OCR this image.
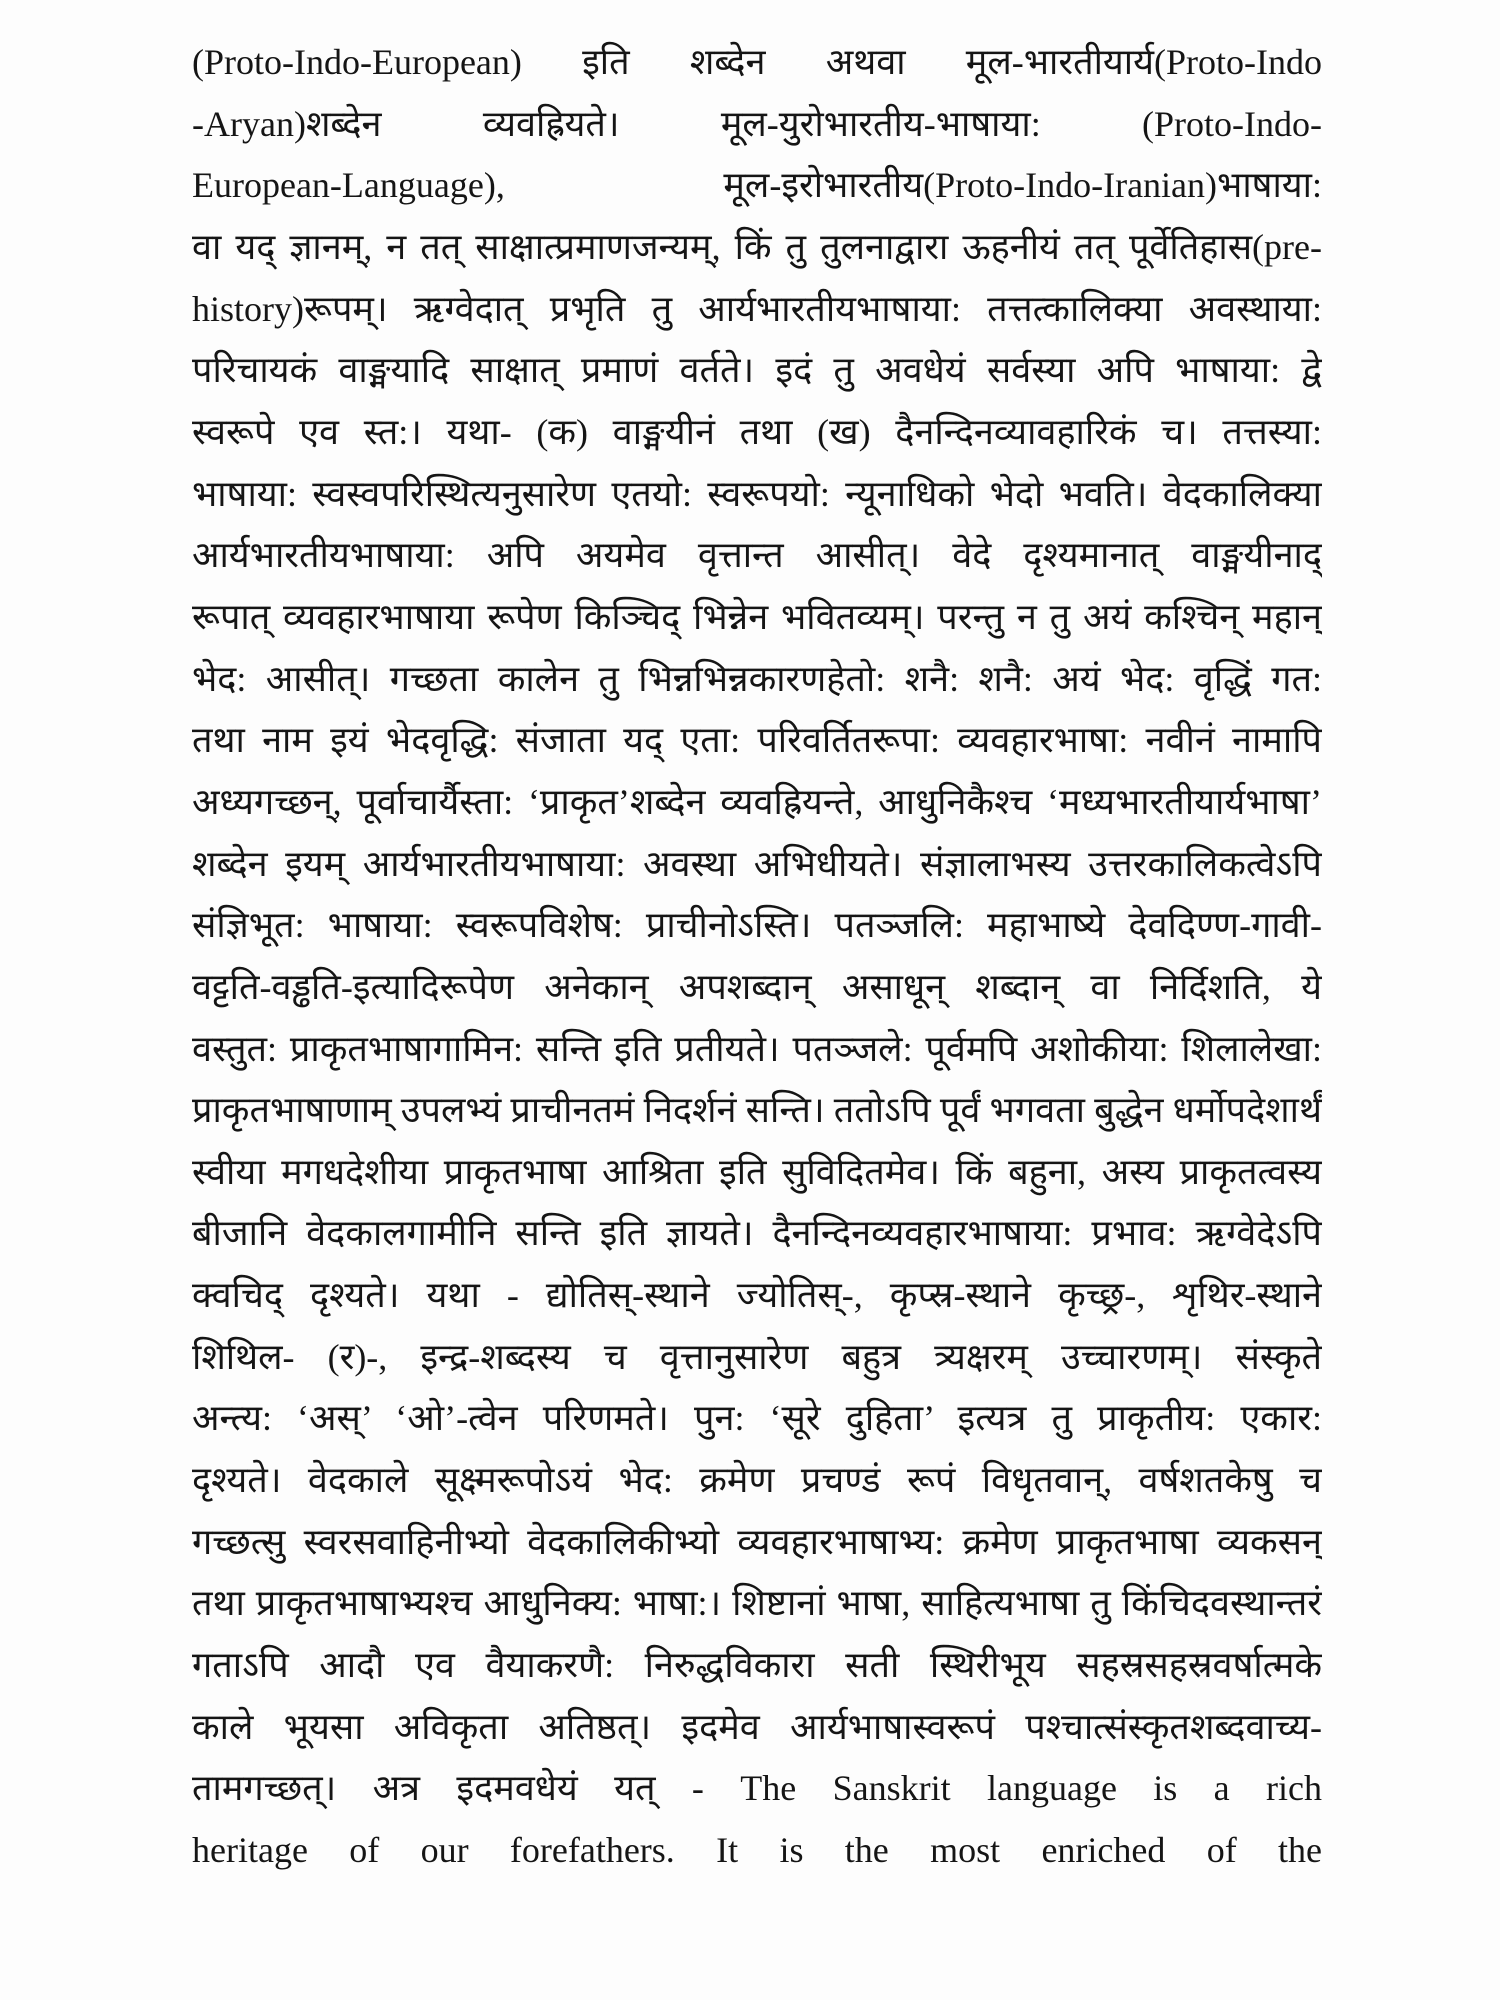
(Proto-Indo-European) इति शब्देन अथवा मूल-भारतीयार्य(Proto-Indo
-Aryan)शब्देन व्यवह्रियते। मूल-युरोभारतीय-भाषाया: (Proto-Indo-
European-Language), मूल-इरोभारतीय(Proto-Indo-Iranian)भाषाया:
वा यद् ज्ञानम्, न तत् साक्षात्प्रमाणजन्यम्, किं तु तुलनाद्वारा ऊहनीयं तत् पूर्वेतिहास(pre-
history)रूपम्। ऋग्वेदात् प्रभृति तु आर्यभारतीयभाषाया: तत्तत्कालिक्या अवस्थाया:
परिचायकं वाङ्मयादि साक्षात् प्रमाणं वर्तते। इदं तु अवधेयं सर्वस्या अपि भाषाया: द्वे
स्वरूपे एव स्त:। यथा- (क) वाङ्मयीनं तथा (ख) दैनन्दिनव्यावहारिकं च। तत्तस्या:
भाषाया: स्वस्वपरिस्थित्यनुसारेण एतयो: स्वरूपयो: न्यूनाधिको भेदो भवति। वेदकालिक्या
आर्यभारतीयभाषाया: अपि अयमेव वृत्तान्त आसीत्। वेदे दृश्यमानात् वाङ्मयीनाद्
रूपात् व्यवहारभाषाया रूपेण किञ्चिद् भिन्नेन भवितव्यम्। परन्तु न तु अयं कश्चिन् महान्
भेद: आसीत्। गच्छता कालेन तु भिन्नभिन्नकारणहेतो: शनै: शनै: अयं भेद: वृद्धिं गत:
तथा नाम इयं भेदवृद्धि: संजाता यद् एता: परिवर्तितरूपा: व्यवहारभाषा: नवीनं नामापि
अध्यगच्छन्, पूर्वाचार्यैस्ता: ‘प्राकृत’शब्देन व्यवह्रियन्ते, आधुनिकैश्च ‘मध्यभारतीयार्यभाषा’
शब्देन इयम् आर्यभारतीयभाषाया: अवस्था अभिधीयते। संज्ञालाभस्य उत्तरकालिकत्वेऽपि
संज्ञिभूत: भाषाया: स्वरूपविशेष: प्राचीनोऽस्ति। पतञ्जलि: महाभाष्ये देवदिण्ण-गावी-
वट्टति-वड्ढति-इत्यादिरूपेण अनेकान् अपशब्दान् असाधून् शब्दान् वा निर्दिशति, ये
वस्तुत: प्राकृतभाषागामिन: सन्ति इति प्रतीयते। पतञ्जले: पूर्वमपि अशोकीया: शिलालेखा:
प्राकृतभाषाणाम् उपलभ्यं प्राचीनतमं निदर्शनं सन्ति। ततोऽपि पूर्वं भगवता बुद्धेन धर्मोपदेशार्थं
स्वीया मगधदेशीया प्राकृतभाषा आश्रिता इति सुविदितमेव। किं बहुना, अस्य प्राकृतत्वस्य
बीजानि वेदकालगामीनि सन्ति इति ज्ञायते। दैनन्दिनव्यवहारभाषाया: प्रभाव: ऋग्वेदेऽपि
क्वचिद् दृश्यते। यथा - द्योतिस्-स्थाने ज्योतिस्-, कृप्स्र-स्थाने कृच्छ्र-, शृथिर-स्थाने
शिथिल- (र)-, इन्द्र-शब्दस्य च वृत्तानुसारेण बहुत्र त्र्यक्षरम् उच्चारणम्। संस्कृते
अन्त्य: ‘अस्’ ‘ओ’-त्वेन परिणमते। पुन: ‘सूरे दुहिता’ इत्यत्र तु प्राकृतीय: एकार:
दृश्यते। वेदकाले सूक्ष्मरूपोऽयं भेद: क्रमेण प्रचण्डं रूपं विधृतवान्, वर्षशतकेषु च
गच्छत्सु स्वरसवाहिनीभ्यो वेदकालिकीभ्यो व्यवहारभाषाभ्य: क्रमेण प्राकृतभाषा व्यकसन्
तथा प्राकृतभाषाभ्यश्च आधुनिक्य: भाषा:। शिष्टानां भाषा, साहित्यभाषा तु किंचिदवस्थान्तरं
गताऽपि आदौ एव वैयाकरणै: निरुद्धविकारा सती स्थिरीभूय सहस्रसहस्रवर्षात्मके
काले भूयसा अविकृता अतिष्ठत्। इदमेव आर्यभाषास्वरूपं पश्चात्संस्कृतशब्दवाच्य-
तामगच्छत्। अत्र इदमवधेयं यत् - The Sanskrit language is a rich
heritage of our forefathers. It is the most enriched of the
